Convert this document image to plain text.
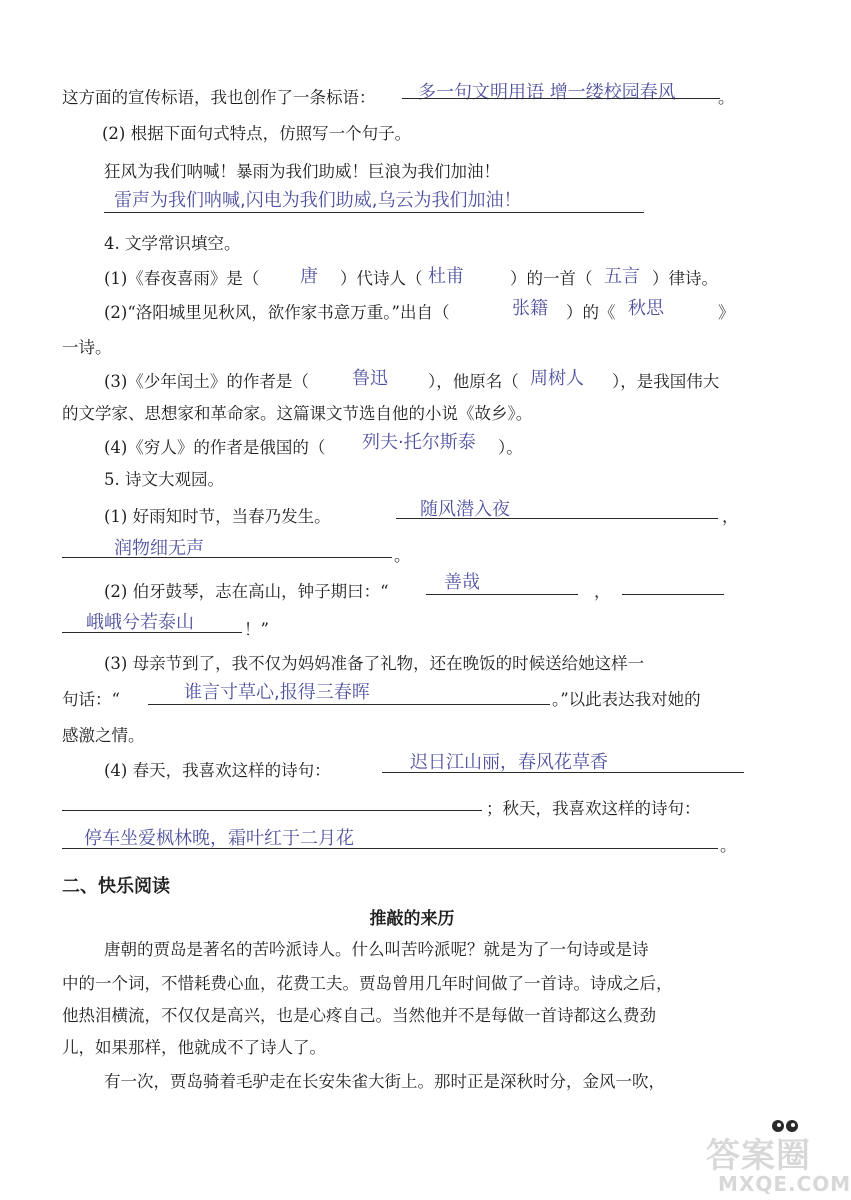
这方面的宣传标语，我也创作了一条标语： 多一句文明用语 增一缕校园春风	。
(2) 根据下面句式特点，仿照写一个句子。
狂风为我们呐喊！暴雨为我们助威！巨浪为我们加油！
雷声为我们呐喊,闪电为我们助威,乌云为我们加油！
4. 文学常识填空。
(1)《春夜喜雨》是（ 唐 ）代诗人（ 杜甫	）的一首（ 五言 ）律诗。
(2)“洛阳城里见秋风，欲作家书意万重。”出自（	张籍 ）的《 秋思	》
一诗。
(3)《少年闰土》的作者是（ 鲁迅 ），他原名（ 周树人 ），是我国伟大
的文学家、思想家和革命家。这篇课文节选自他的小说《故乡》。
(4)《穷人》的作者是俄国的（ 列夫·托尔斯泰 ）。
5. 诗文大观园。
(1) 好雨知时节，当春乃发生。	随风潜入夜	，
润物细无声	。
(2) 伯牙鼓琴，志在高山，钟子期曰：“	善哉	，
峨峨兮若泰山	！”
(3) 母亲节到了，我不仅为妈妈准备了礼物，还在晚饭的时候送给她这样一
句话：“	谁言寸草心,报得三春晖	。”以此表达我对她的
感激之情。
(4) 春天，我喜欢这样的诗句：	迟日江山丽，春风花草香
；秋天，我喜欢这样的诗句：
停车坐爱枫林晚，霜叶红于二月花	。
二、快乐阅读
推敲的来历
唐朝的贾岛是著名的苦吟派诗人。什么叫苦吟派呢？就是为了一句诗或是诗
中的一个词，不惜耗费心血，花费工夫。贾岛曾用几年时间做了一首诗。诗成之后，
他热泪横流，不仅仅是高兴，也是心疼自己。当然他并不是每做一首诗都这么费劲
儿，如果那样，他就成不了诗人了。
有一次，贾岛骑着毛驴走在长安朱雀大街上。那时正是深秋时分，金风一吹，
答案圈
MXQE.COM
